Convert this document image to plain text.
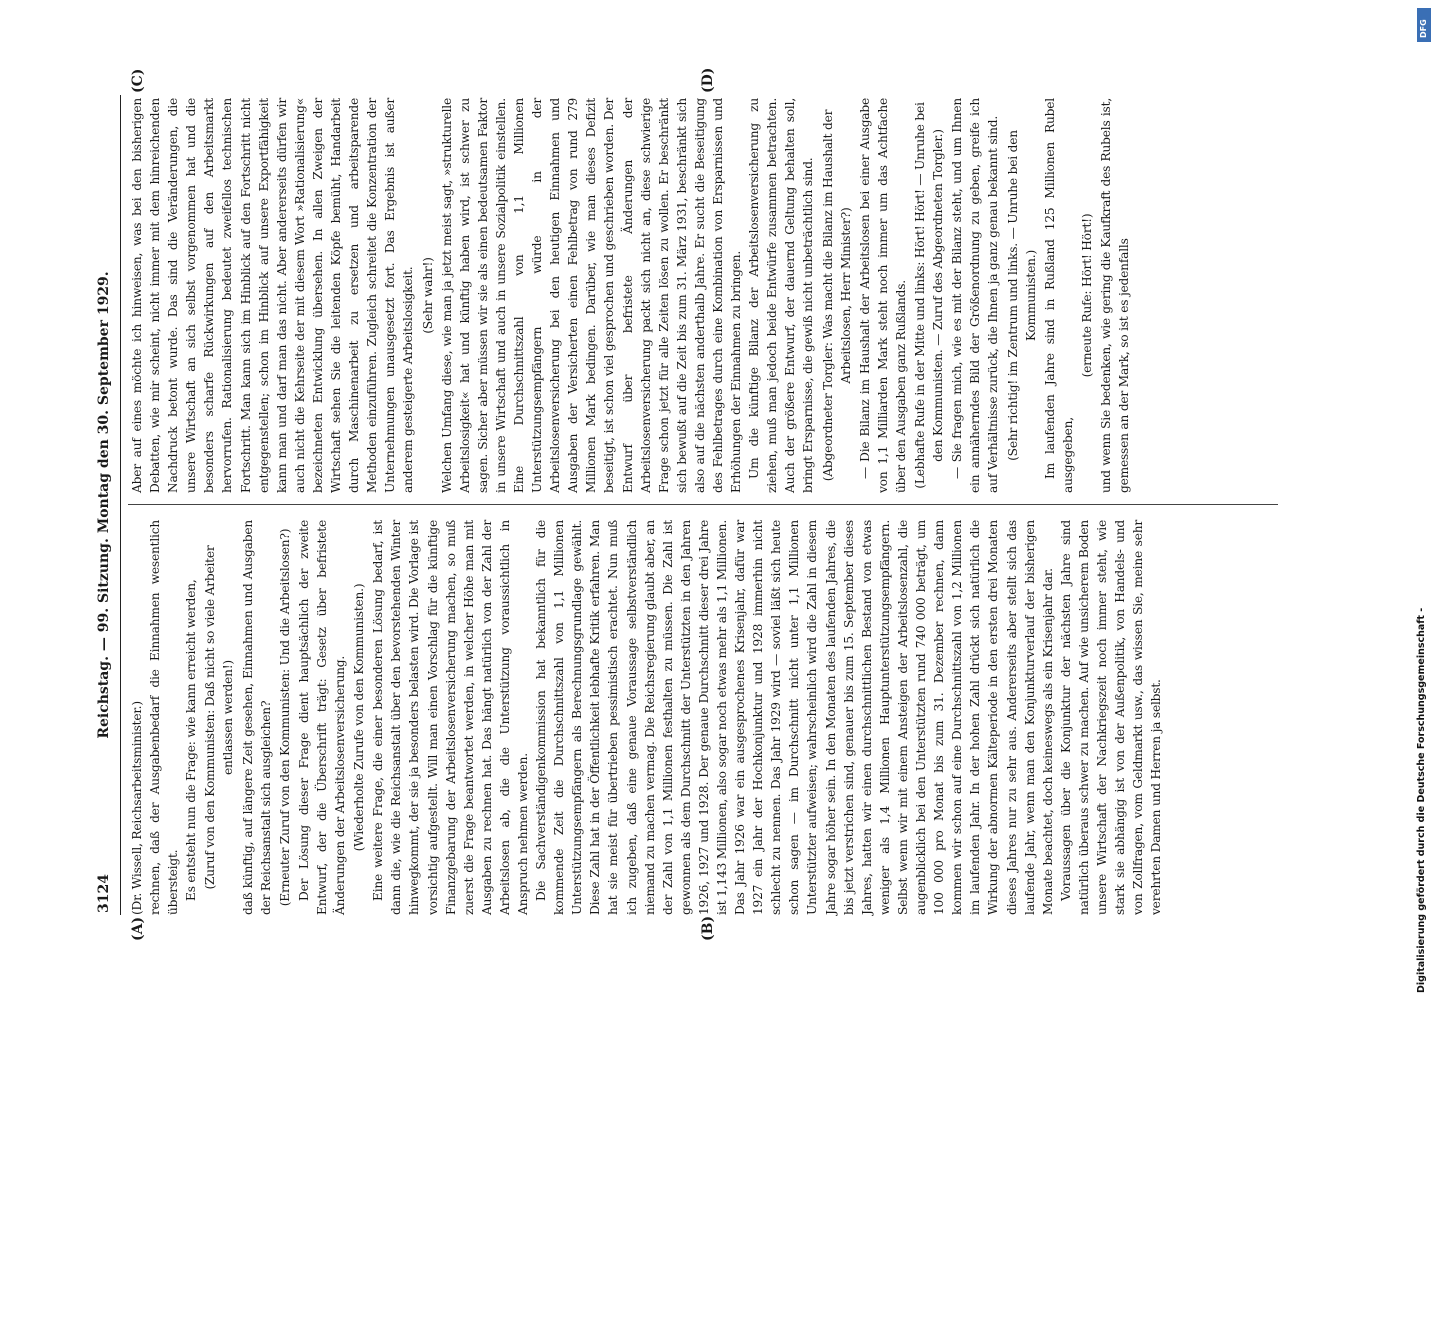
3124
Reichstag. — 99. Sitzung. Montag den 30. September 1929.
(A)	(B)
(C)	(D)

(Dr. Wissell, Reichsarbeitsminister.) rechnen, daß der Ausgabenbedarf die Einnahmen wesentlich übersteigt. Es entsteht nun die Frage: wie kann erreicht werden, (Zuruf von den Kommunisten: Daß nicht so viele Arbeiter entlassen werden!) daß künftig, auf längere Zeit gesehen, Einnahmen und Ausgaben der Reichsanstalt sich ausgleichen? (Erneuter Zuruf von den Kommunisten: Und die Arbeitslosen?) Der Lösung dieser Frage dient hauptsächlich der zweite Entwurf, der die Überschrift trägt: Gesetz über befristete Änderungen der Arbeitslosenversicherung. (Wiederholte Zurufe von den Kommunisten.) Eine weitere Frage, die einer besonderen Lösung bedarf, ist dann die, wie die Reichsanstalt über den bevorstehenden Winter hinwegkommt, der sie ja besonders belasten wird. Die Vorlage ist vorsichtig aufgestellt. Will man einen Vorschlag für die künftige Finanzgebarung der Arbeitslosenversicherung machen, so muß zuerst die Frage beantwortet werden, in welcher Höhe man mit Ausgaben zu rechnen hat. Das hängt natürlich von der Zahl der Arbeitslosen ab, die die Unterstützung voraussichtlich in Anspruch nehmen werden. Die Sachverständigenkommission hat bekanntlich für die kommende Zeit die Durchschnittszahl von 1,1 Millionen Unterstützungsempfängern als Berechnungsgrundlage gewählt. Diese Zahl hat in der Öffentlichkeit lebhafte Kritik erfahren. Man hat sie meist für übertrieben pessimistisch erachtet. Nun muß ich zugeben, daß eine genaue Voraussage selbstverständlich niemand zu machen vermag. Die Reichsregierung glaubt aber, an der Zahl von 1,1 Millionen festhalten zu müssen. Die Zahl ist gewonnen als dem Durchschnitt der Unterstützten in den Jahren 1926, 1927 und 1928. Der genaue Durchschnitt dieser drei Jahre ist 1,143 Millionen, also sogar noch etwas mehr als 1,1 Millionen. Das Jahr 1926 war ein ausgesprochenes Krisenjahr, dafür war 1927 ein Jahr der Hochkonjunktur und 1928 immerhin nicht schlecht zu nennen. Das Jahr 1929 wird — soviel läßt sich heute schon sagen — im Durchschnitt nicht unter 1,1 Millionen Unterstützter aufweisen; wahrscheinlich wird die Zahl in diesem Jahre sogar höher sein. In den Monaten des laufenden Jahres, die bis jetzt verstrichen sind, genauer bis zum 15. September dieses Jahres, hatten wir einen durchschnittlichen Bestand von etwas weniger als 1,4 Millionen Hauptunterstützungsempfängern. Selbst wenn wir mit einem Ansteigen der Arbeitslosenzahl, die augenblicklich bei den Unterstützten rund 740 000 beträgt, um 100 000 pro Monat bis zum 31. Dezember rechnen, dann kommen wir schon auf eine Durchschnittszahl von 1,2 Millionen im laufenden Jahr. In der hohen Zahl drückt sich natürlich die Wirkung der abnormen Kälteperiode in den ersten drei Monaten dieses Jahres nur zu sehr aus. Andererseits aber stellt sich das laufende Jahr, wenn man den Konjunkturverlauf der bisherigen Monate beachtet, doch keineswegs als ein Krisenjahr dar. Voraussagen über die Konjunktur der nächsten Jahre sind natürlich überaus schwer zu machen. Auf wie unsicherem Boden unsere Wirtschaft der Nachkriegszeit noch immer steht, wie stark sie abhängig ist von der Außenpolitik, von Handels- und von Zollfragen, vom Geldmarkt usw., das wissen Sie, meine sehr verehrten Damen und Herren ja selbst.

Aber auf eines möchte ich hinweisen, was bei den bisherigen Debatten, wie mir scheint, nicht immer mit dem hinreichenden Nachdruck betont wurde. Das sind die Veränderungen, die unsere Wirtschaft an sich selbst vorgenommen hat und die besonders scharfe Rückwirkungen auf den Arbeitsmarkt hervorrufen. Rationalisierung bedeutet zweifellos technischen Fortschritt. Man kann sich im Hinblick auf den Fortschritt nicht entgegenstellen; schon im Hinblick auf unsere Exportfähigkeit kann man und darf man das nicht. Aber andererseits dürfen wir auch nicht die Kehrseite der mit diesem Wort »Rationalisierung« bezeichneten Entwicklung übersehen. In allen Zweigen der Wirtschaft sehen Sie die leitenden Köpfe bemüht, Handarbeit durch Maschinenarbeit zu ersetzen und arbeitsparende Methoden einzuführen. Zugleich schreitet die Konzentration der Unternehmungen unausgesetzt fort. Das Ergebnis ist außer anderem gesteigerte Arbeitslosigkeit. (Sehr wahr!) Welchen Umfang diese, wie man ja jetzt meist sagt, »strukturelle Arbeitslosigkeit« hat und künftig haben wird, ist schwer zu sagen. Sicher aber müssen wir sie als einen bedeutsamen Faktor in unsere Wirtschaft und auch in unsere Sozialpolitik einstellen. Eine Durchschnittszahl von 1,1 Millionen Unterstützungsempfängern würde in der Arbeitslosenversicherung bei den heutigen Einnahmen und Ausgaben der Versicherten einen Fehlbetrag von rund 279 Millionen Mark bedingen. Darüber, wie man dieses Defizit beseitigt, ist schon viel gesprochen und geschrieben worden. Der Entwurf über befristete Änderungen der Arbeitslosenversicherung packt sich nicht an, diese schwierige Frage schon jetzt für alle Zeiten lösen zu wollen. Er beschränkt sich bewußt auf die Zeit bis zum 31. März 1931, beschränkt sich also auf die nächsten anderthalb Jahre. Er sucht die Beseitigung des Fehlbetrages durch eine Kombination von Ersparnissen und Erhöhungen der Einnahmen zu bringen. Um die künftige Bilanz der Arbeitslosenversicherung zu ziehen, muß man jedoch beide Entwürfe zusammen betrachten. Auch der größere Entwurf, der dauernd Geltung behalten soll, bringt Ersparnisse, die gewiß nicht unbeträchtlich sind. (Abgeordneter Torgler: Was macht die Bilanz im Haushalt der Arbeitslosen, Herr Minister?) — Die Bilanz im Haushalt der Arbeitslosen bei einer Ausgabe von 1,1 Milliarden Mark steht noch immer um das Achtfache über den Ausgaben ganz Rußlands. (Lebhafte Rufe in der Mitte und links: Hört! Hört! — Unruhe bei den Kommunisten. — Zuruf des Abgeordneten Torgler.) — Sie fragen mich, wie es mit der Bilanz steht, und um Ihnen ein annäherndes Bild der Größenordnung zu geben, greife ich auf Verhältnisse zurück, die Ihnen ja ganz genau bekannt sind. (Sehr richtig! im Zentrum und links. — Unruhe bei den Kommunisten.) Im laufenden Jahre sind in Rußland 125 Millionen Rubel ausgegeben,

(erneute Rufe: Hört! Hört!) und wenn Sie bedenken, wie gering die Kaufkraft des Rubels ist, gemessen an der Mark, so ist es jedenfalls

Digitalisierung gefördert durch die Deutsche Forschungsgemeinschaft -
DFG
